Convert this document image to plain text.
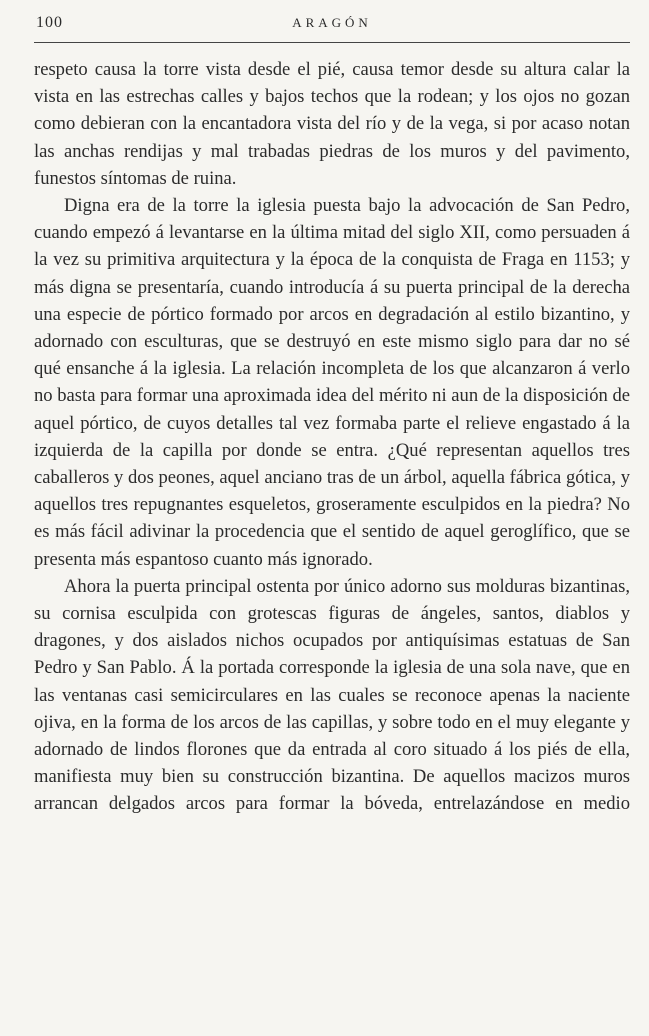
100	ARAGÓN

respeto causa la torre vista desde el pié, causa temor desde su altura calar la vista en las estrechas calles y bajos techos que la rodean; y los ojos no gozan como debieran con la encantadora vista del río y de la vega, si por acaso notan las anchas rendijas y mal trabadas piedras de los muros y del pavimento, funestos síntomas de ruina.

Digna era de la torre la iglesia puesta bajo la advocación de San Pedro, cuando empezó á levantarse en la última mitad del siglo XII, como persuaden á la vez su primitiva arquitectura y la época de la conquista de Fraga en 1153; y más digna se presentaría, cuando introducía á su puerta principal de la derecha una especie de pórtico formado por arcos en degradación al estilo bizantino, y adornado con esculturas, que se destruyó en este mismo siglo para dar no sé qué ensanche á la iglesia. La relación incompleta de los que alcanzaron á verlo no basta para formar una aproximada idea del mérito ni aun de la disposición de aquel pórtico, de cuyos detalles tal vez formaba parte el relieve engastado á la izquierda de la capilla por donde se entra. ¿Qué representan aquellos tres caballeros y dos peones, aquel anciano tras de un árbol, aquella fábrica gótica, y aquellos tres repugnantes esqueletos, groseramente esculpidos en la piedra? No es más fácil adivinar la procedencia que el sentido de aquel geroglífico, que se presenta más espantoso cuanto más ignorado.

Ahora la puerta principal ostenta por único adorno sus molduras bizantinas, su cornisa esculpida con grotescas figuras de ángeles, santos, diablos y dragones, y dos aislados nichos ocupados por antiquísimas estatuas de San Pedro y San Pablo. Á la portada corresponde la iglesia de una sola nave, que en las ventanas casi semicirculares en las cuales se reconoce apenas la naciente ojiva, en la forma de los arcos de las capillas, y sobre todo en el muy elegante y adornado de lindos florones que da entrada al coro situado á los piés de ella, manifiesta muy bien su construcción bizantina. De aquellos macizos muros arrancan delgados arcos para formar la bóveda, entrelazándose en medio
